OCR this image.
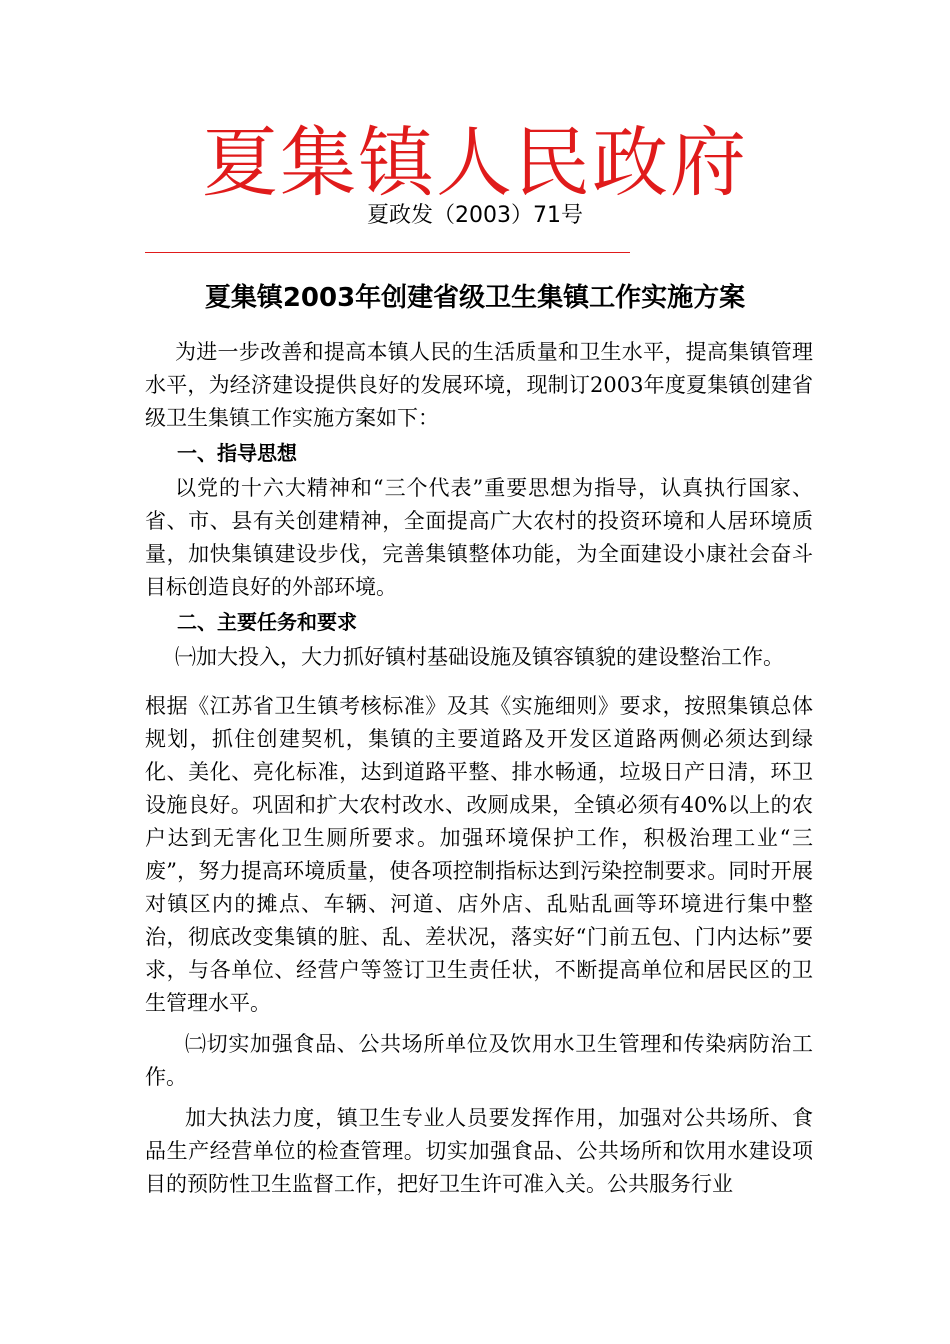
夏集镇人民政府
夏政发（2003）71号
夏集镇2003年创建省级卫生集镇工作实施方案

为进一步改善和提高本镇人民的生活质量和卫生水平，提高集镇管理水平，为经济建设提供良好的发展环境，现制订2003年度夏集镇创建省级卫生集镇工作实施方案如下：

一、指导思想

以党的十六大精神和“三个代表”重要思想为指导，认真执行国家、省、市、县有关创建精神，全面提高广大农村的投资环境和人居环境质量，加快集镇建设步伐，完善集镇整体功能，为全面建设小康社会奋斗目标创造良好的外部环境。

二、主要任务和要求

㈠加大投入，大力抓好镇村基础设施及镇容镇貌的建设整治工作。

根据《江苏省卫生镇考核标准》及其《实施细则》要求，按照集镇总体规划，抓住创建契机，集镇的主要道路及开发区道路两侧必须达到绿化、美化、亮化标准，达到道路平整、排水畅通，垃圾日产日清，环卫设施良好。巩固和扩大农村改水、改厕成果，全镇必须有40%以上的农户达到无害化卫生厕所要求。加强环境保护工作，积极治理工业“三废”，努力提高环境质量，使各项控制指标达到污染控制要求。同时开展对镇区内的摊点、车辆、河道、店外店、乱贴乱画等环境进行集中整治，彻底改变集镇的脏、乱、差状况，落实好“门前五包、门内达标”要求，与各单位、经营户等签订卫生责任状，不断提高单位和居民区的卫生管理水平。

㈡切实加强食品、公共场所单位及饮用水卫生管理和传染病防治工作。

加大执法力度，镇卫生专业人员要发挥作用，加强对公共场所、食品生产经营单位的检查管理。切实加强食品、公共场所和饮用水建设项目的预防性卫生监督工作，把好卫生许可准入关。公共服务行业
